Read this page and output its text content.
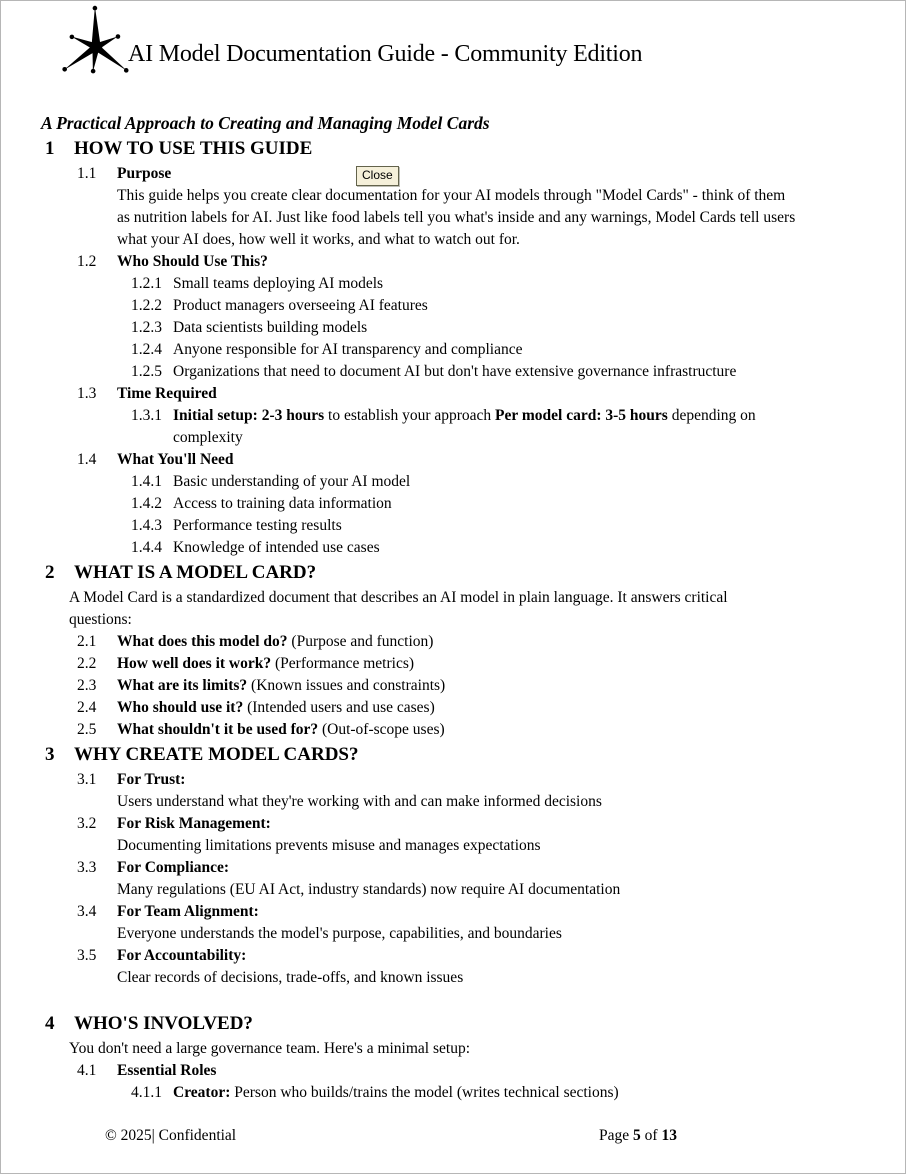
AI Model Documentation Guide - Community Edition
Close
A Practical Approach to Creating and Managing Model Cards
1	HOW TO USE THIS GUIDE
1.1	Purpose
This guide helps you create clear documentation for your AI models through "Model Cards" - think of them
as nutrition labels for AI. Just like food labels tell you what's inside and any warnings, Model Cards tell users
what your AI does, how well it works, and what to watch out for.
1.2	Who Should Use This?
1.2.1 Small teams deploying AI models
1.2.2 Product managers overseeing AI features
1.2.3 Data scientists building models
1.2.4 Anyone responsible for AI transparency and compliance
1.2.5 Organizations that need to document AI but don't have extensive governance infrastructure
1.3	Time Required
1.3.1 Initial setup: 2-3 hours to establish your approach Per model card: 3-5 hours depending on
complexity
1.4	What You'll Need
1.4.1 Basic understanding of your AI model
1.4.2 Access to training data information
1.4.3 Performance testing results
1.4.4 Knowledge of intended use cases
2	WHAT IS A MODEL CARD?
A Model Card is a standardized document that describes an AI model in plain language. It answers critical
questions:
2.1	What does this model do? (Purpose and function)
2.2	How well does it work? (Performance metrics)
2.3	What are its limits? (Known issues and constraints)
2.4	Who should use it? (Intended users and use cases)
2.5	What shouldn't it be used for? (Out-of-scope uses)
3	WHY CREATE MODEL CARDS?
3.1	For Trust:
Users understand what they're working with and can make informed decisions
3.2	For Risk Management:
Documenting limitations prevents misuse and manages expectations
3.3	For Compliance:
Many regulations (EU AI Act, industry standards) now require AI documentation
3.4	For Team Alignment:
Everyone understands the model's purpose, capabilities, and boundaries
3.5	For Accountability:
Clear records of decisions, trade-offs, and known issues
4	WHO'S INVOLVED?
You don't need a large governance team. Here's a minimal setup:
4.1	Essential Roles
4.1.1 Creator: Person who builds/trains the model (writes technical sections)
© 2025| Confidential	Page 5 of 13
